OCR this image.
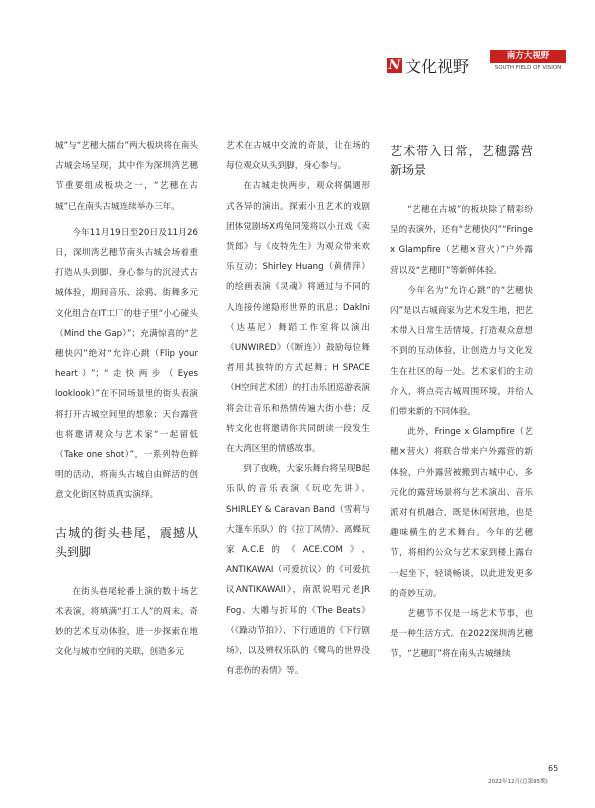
N 文化视野
南方大视野
SOUTH FIELD OF VISION

城”与“艺穗大擂台”两大板块将在南头古城会场呈现，其中作为深圳湾艺穗节重要组成板块之一，“艺穗在古城”已在南头古城连续举办三年。

今年11月19日至20日及11月26日，深圳湾艺穗节南头古城会场着重打造从头到脚、身心参与的沉浸式古城体验，期间音乐、涂鸦、街舞多元文化组合在IT工厂的巷子里“小心碰头（Mind the Gap）”；充满惊喜的“艺穗快闪”绝对“允许心跳（Flip your heart）”；“走快两步（Eyes looklook）”在不同场景里的街头表演将打开古城空间里的想象；天台露营也将邀请观众与艺术家“一起留低（Take one shot）”，一系列特色鲜明的活动，将南头古城自由鲜活的创意文化街区特质真实演绎。

古城的街头巷尾，震撼从头到脚

在街头巷尾轮番上演的数十场艺术表演，将填满“打工人”的周末。奇妙的艺术互动体验，进一步探索在地文化与城市空间的关联，创造多元

艺术在古城中交流的奇景，让在场的每位观众从头到脚，身心参与。

在古城走快两步，观众将偶遇形式各异的演出。探索小丑艺术的戏剧团体觉剧场X鸡兔同笼将以小丑戏《卖货郎》与《皮特先生》为观众带来欢乐互动；Shirley Huang（黄倩萍）的绘画表演《灵魂》将通过与不同的人连接传递隐形世界的讯息；Daklni（达基尼）舞蹈工作室将以演出《UNWIRED》（《断连》）鼓励每位舞者用其独特的方式起舞；H SPACE（H空间艺术团）的打击乐团巡游表演将会让音乐和热情传遍大街小巷；反转文化也将邀请你共同朗读一段发生在大湾区里的情感故事。

到了夜晚，大家乐舞台将呈现B起乐队的音乐表演《玩吃先讲》、SHIRLEY & Caravan Band（雪莉与大篷车乐队）的《拉丁风情》、离蝶玩家A.C.E的《ACE.COM》、ANTIKAWAI（可爱抗议）的《可爱抗议ANTIKAWAII》，南派说唱元老JR Fog、大雕与折耳的《The Beats》（《躁动节拍》）、下行通道的《下行剧场》，以及辨权乐队的《鹭鸟的世界没有悲伤的表情》等。

艺术带入日常，艺穗露营新场景

“艺穗在古城”的板块除了精彩纷呈的表演外，还有“艺穗快闪”“Fringe x Glampfire（艺穗×营火）”户外露营以及“艺穗盯”等新鲜体验。

今年名为“允许心跳”的“艺穗快闪”是以古城商家为艺术发生地，把艺术带入日常生活情境，打造观众意想不到的互动体验，让创造力与文化发生在社区的每一处。艺术家们的主动介入，将点亮古城周围环境，并给人们带来新的不同体验。

此外，Fringe x Glampfire（艺穗×营火）将联合带来户外露营的新体验，户外露营被搬到古城中心，多元化的露营场景将与艺术演出、音乐派对有机融合，既是休闲营地，也是趣味横生的艺术舞台。今年的艺穗节，将相约公众与艺术家到楼上露台一起坐下，轻谈畅谈，以此进发更多的奇妙互动。

艺穗节不仅是一场艺术节事，也是一种生活方式。在2022深圳湾艺穗节，“艺穗盯”将在南头古城继续

65
2022年12月(总第95期)
